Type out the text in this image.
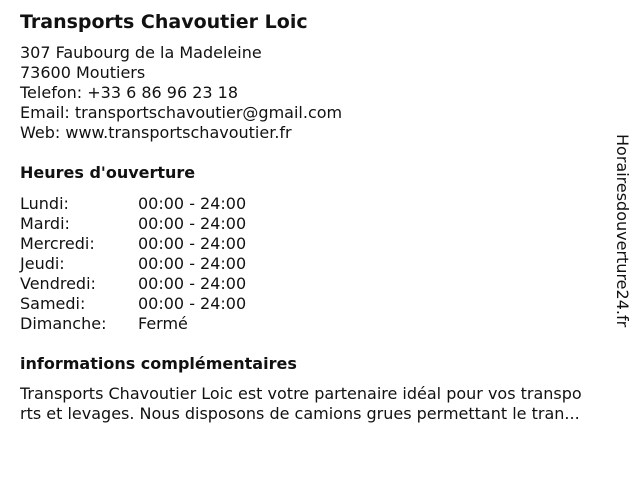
Transports Chavoutier Loic
307 Faubourg de la Madeleine
73600 Moutiers
Telefon: +33 6 86 96 23 18
Email: transportschavoutier@gmail.com
Web: www.transportschavoutier.fr
Heures d'ouverture
Lundi:	00:00 - 24:00
Mardi:	00:00 - 24:00
Mercredi:	00:00 - 24:00
Jeudi:	00:00 - 24:00
Vendredi:	00:00 - 24:00
Samedi:	00:00 - 24:00
Dimanche:	Fermé
informations complémentaires
Transports Chavoutier Loic est votre partenaire idéal pour vos transpo
rts et levages. Nous disposons de camions grues permettant le tran...
Horairesdouverture24.fr
